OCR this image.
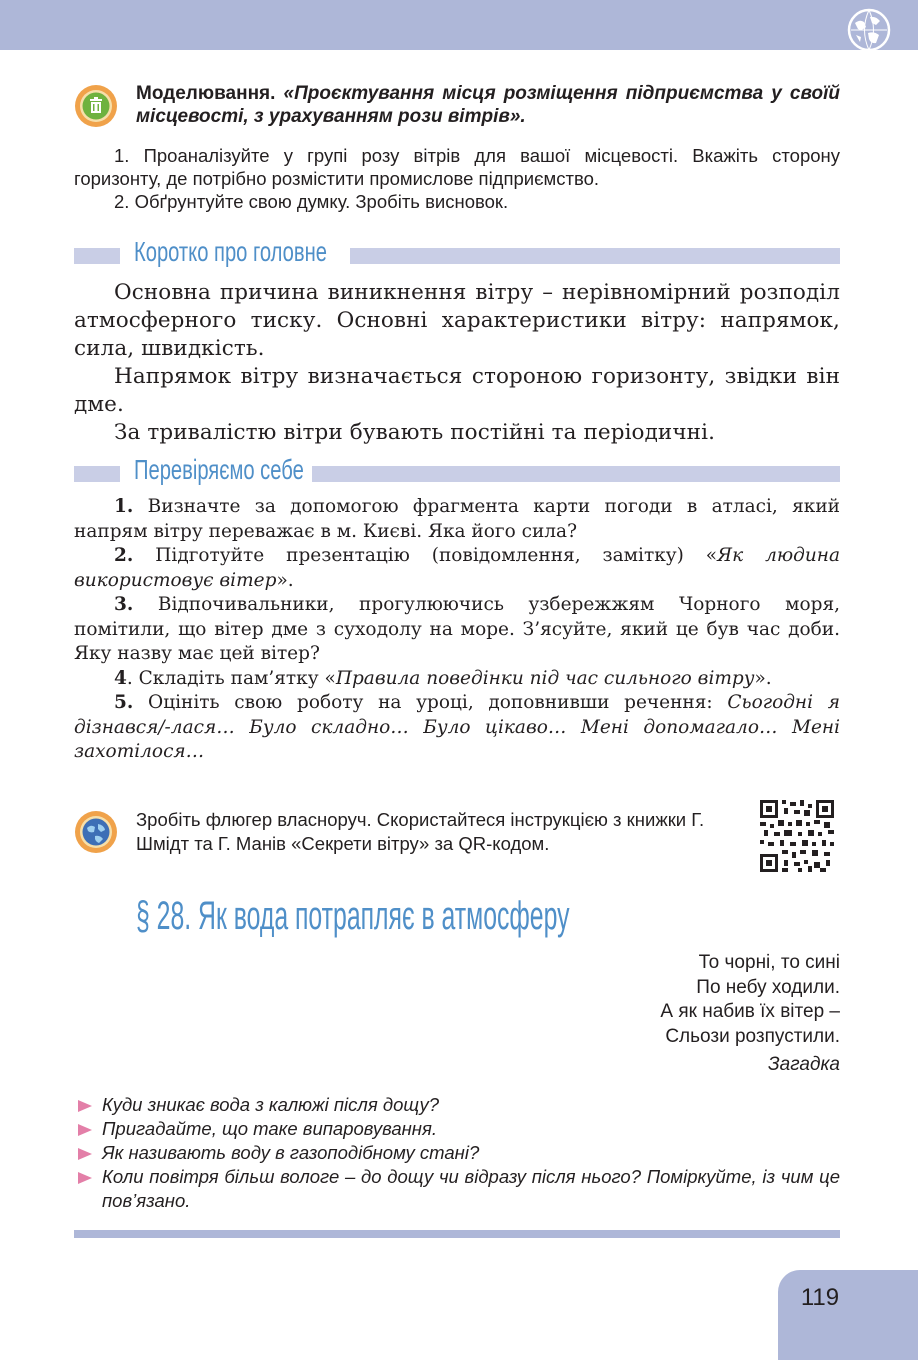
Моделювання. «Проєктування місця розміщення підприємства у своїй місцевості, з урахуванням рози вітрів».

1. Проаналізуйте у групі розу вітрів для вашої місцевості. Вкажіть сторону горизонту, де потрібно розмістити промислове підприємство.

2. Обґрунтуйте свою думку. Зробіть висновок.

Коротко про головне

Основна причина виникнення вітру – нерівномірний розподіл атмосферного тиску. Основні характеристики вітру: напрямок, сила, швидкість.

Напрямок вітру визначається стороною горизонту, звідки він дме.

За тривалістю вітри бувають постійні та періодичні.

Перевіряємо себе

1. Визначте за допомогою фрагмента карти погоди в атласі, який напрям вітру переважає в м. Києві. Яка його сила?

2. Підготуйте презентацію (повідомлення, замітку) «Як людина використовує вітер».

3. Відпочивальники, прогулюючись узбережжям Чорного моря, помітили, що вітер дме з суходолу на море. З’ясуйте, який це був час доби. Яку назву має цей вітер?

4. Складіть пам’ятку «Правила поведінки під час сильного вітру».

5. Оцініть свою роботу на уроці, доповнивши речення: Сьогодні я дізнався/-лася… Було складно… Було цікаво… Мені допомагало… Мені захотілося…

Зробіть флюгер власноруч. Скористайтеся інструкцією з книжки Г. Шмідт та Г. Манів «Секрети вітру» за QR-кодом.

§ 28. Як вода потрапляє в атмосферу
То чорні, то сині
По небу ходили.
А як набив їх вітер –
Сльози розпустили.
Загадка
Куди зникає вода з калюжі після дощу?
Пригадайте, що таке випаровування.
Як називають воду в газоподібному стані?
Коли повітря більш вологе – до дощу чи відразу після нього? Поміркуйте, із чим це пов’язано.
119
